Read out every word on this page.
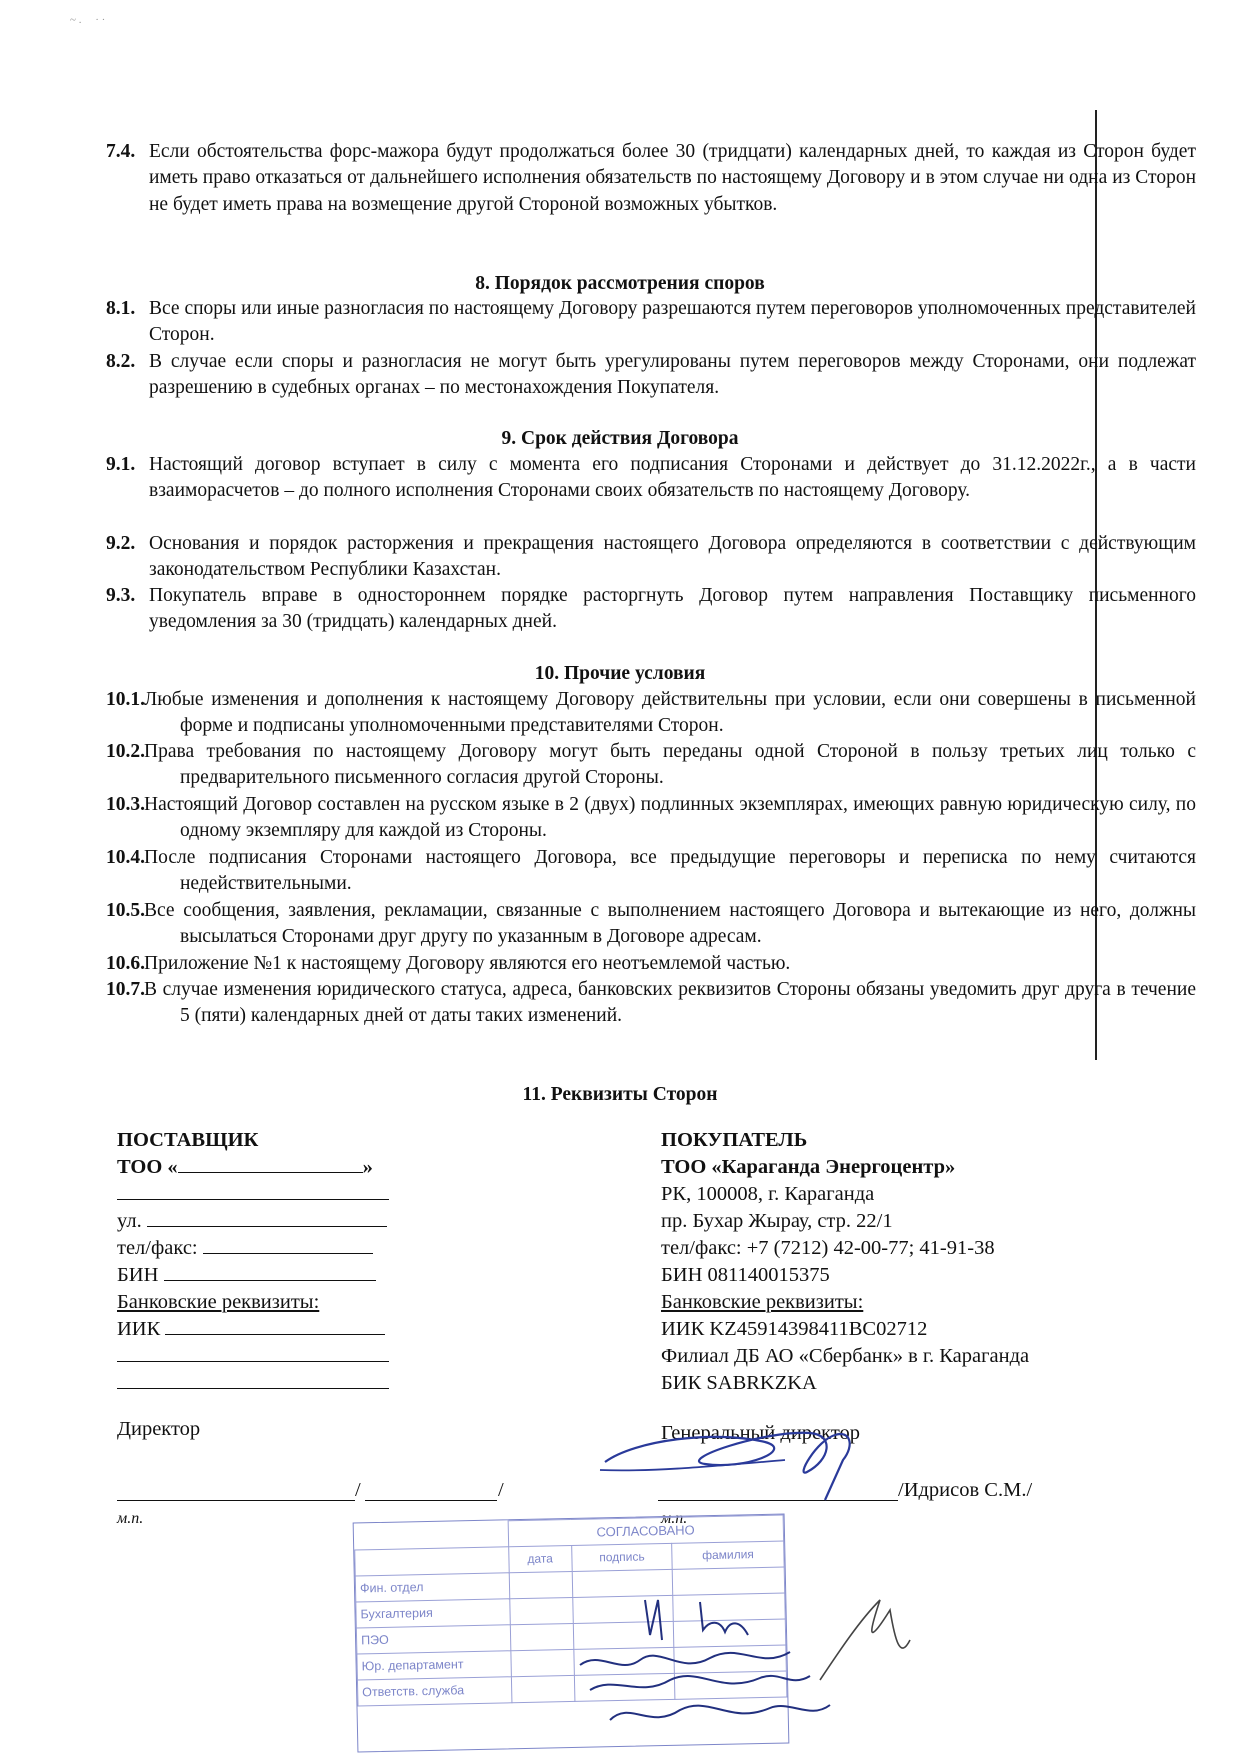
~ .     · ·
7.4. Если обстоятельства форс-мажора будут продолжаться более 30 (тридцати) календарных дней, то каждая из Сторон будет иметь право отказаться от дальнейшего исполнения обязательств по настоящему Договору и в этом случае ни одна из Сторон не будет иметь права на возмещение другой Стороной возможных убытков.
8. Порядок рассмотрения споров
8.1. Все споры или иные разногласия по настоящему Договору разрешаются путем переговоров уполномоченных представителей Сторон.
8.2. В случае если споры и разногласия не могут быть урегулированы путем переговоров между Сторонами, они подлежат разрешению в судебных органах – по местонахождения Покупателя.
9. Срок действия Договора
9.1. Настоящий договор вступает в силу с момента его подписания Сторонами и действует до 31.12.2022г., а в части взаиморасчетов – до полного исполнения Сторонами своих обязательств по настоящему Договору.
9.2. Основания и порядок расторжения и прекращения настоящего Договора определяются в соответствии с действующим законодательством Республики Казахстан.
9.3. Покупатель вправе в одностороннем порядке расторгнуть Договор путем направления Поставщику письменного уведомления за 30 (тридцать) календарных дней.
10. Прочие условия
10.1. Любые изменения и дополнения к настоящему Договору действительны при условии, если они совершены в письменной форме и подписаны уполномоченными представителями Сторон.
10.2. Права требования по настоящему Договору могут быть переданы одной Стороной в пользу третьих лиц только с предварительного письменного согласия другой Стороны.
10.3. Настоящий Договор составлен на русском языке в 2 (двух) подлинных экземплярах, имеющих равную юридическую силу, по одному экземпляру для каждой из Стороны.
10.4. После подписания Сторонами настоящего Договора, все предыдущие переговоры и переписка по нему считаются недействительными.
10.5. Все сообщения, заявления, рекламации, связанные с выполнением настоящего Договора и вытекающие из него, должны высылаться Сторонами друг другу по указанным в Договоре адресам.
10.6. Приложение №1 к настоящему Договору являются его неотъемлемой частью.
10.7. В случае изменения юридического статуса, адреса, банковских реквизитов Стороны обязаны уведомить друг друга в течение 5 (пяти) календарных дней от даты таких изменений.
11. Реквизиты Сторон
ПОСТАВЩИК
ТОО «	»
ул.
тел/факс:
БИН
Банковские реквизиты:
ИИК
Директор
/	/
м.п.
ПОКУПАТЕЛЬ
ТОО «Караганда Энергоцентр»
РК, 100008, г. Караганда
пр. Бухар Жырау, стр. 22/1
тел/факс: +7 (7212) 42-00-77; 41-91-38
БИН 081140015375
Банковские реквизиты:
ИИК KZ45914398411BC02712
Филиал ДБ АО «Сбербанк» в г. Караганда
БИК SABRKZKA
Генеральный директор
/Идрисов С.М./
м.п.
	СОГЛАСОВАНО		
	дата	подпись	фамилия
Фин. отдел			
Бухгалтерия			
ПЭО			
Юр. департамент			
Ответств. служба			
